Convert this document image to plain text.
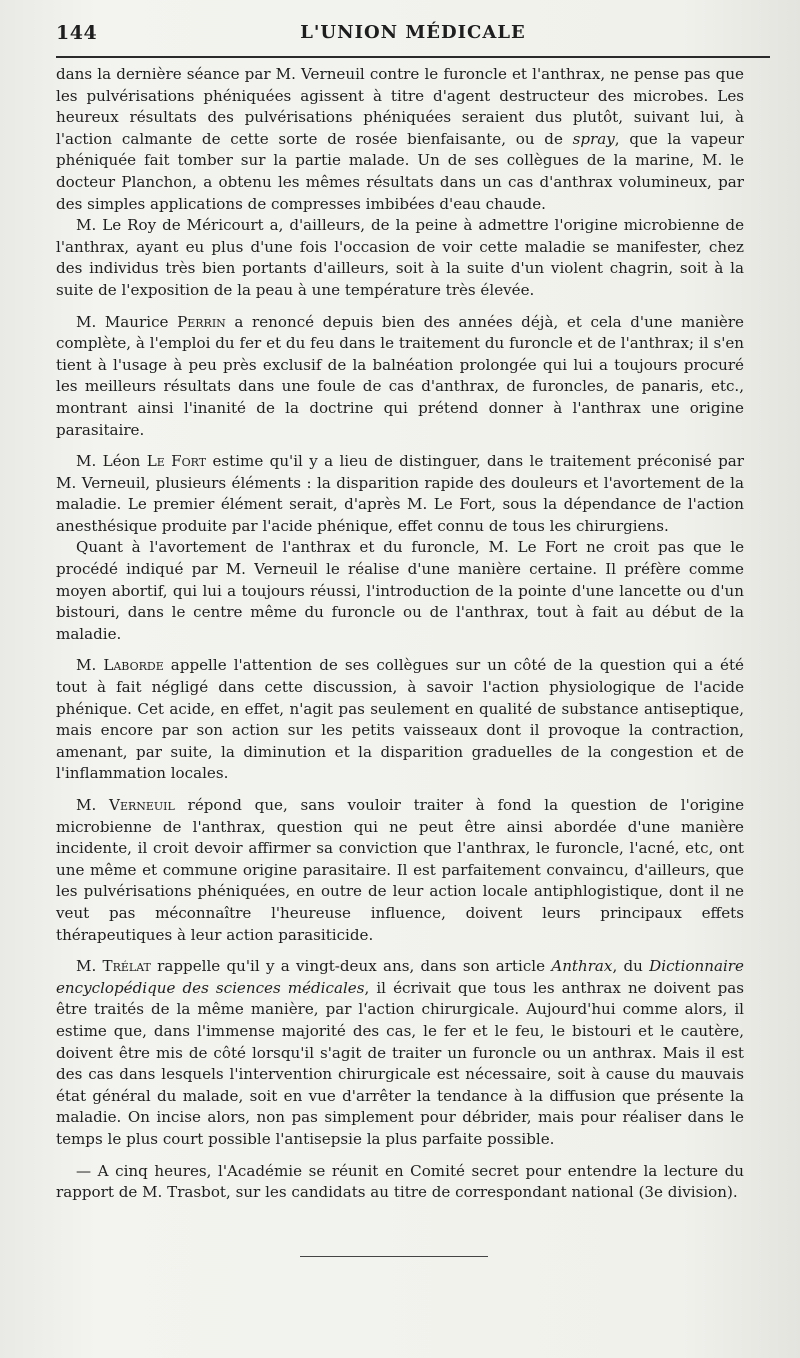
144	L'UNION MÉDICALE

dans la dernière séance par M. Verneuil contre le furoncle et l'anthrax, ne pense pas que les pulvérisations phéniquées agissent à titre d'agent destructeur des microbes. Les heureux résultats des pulvérisations phéniquées seraient dus plutôt, suivant lui, à l'action calmante de cette sorte de rosée bienfaisante, ou de spray, que la vapeur phéniquée fait tomber sur la partie malade. Un de ses collègues de la marine, M. le docteur Planchon, a obtenu les mêmes résultats dans un cas d'anthrax volumineux, par des simples applications de compresses imbibées d'eau chaude.

M. Le Roy de Méricourt a, d'ailleurs, de la peine à admettre l'origine microbienne de l'anthrax, ayant eu plus d'une fois l'occasion de voir cette maladie se manifester, chez des individus très bien portants d'ailleurs, soit à la suite d'un violent chagrin, soit à la suite de l'exposition de la peau à une température très élevée.

M. Maurice Perrin a renoncé depuis bien des années déjà, et cela d'une manière complète, à l'emploi du fer et du feu dans le traitement du furoncle et de l'anthrax; il s'en tient à l'usage à peu près exclusif de la balnéation prolongée qui lui a toujours procuré les meilleurs résultats dans une foule de cas d'anthrax, de furoncles, de panaris, etc., montrant ainsi l'inanité de la doctrine qui prétend donner à l'anthrax une origine parasitaire.

M. Léon Le Fort estime qu'il y a lieu de distinguer, dans le traitement préconisé par M. Verneuil, plusieurs éléments : la disparition rapide des douleurs et l'avortement de la maladie. Le premier élément serait, d'après M. Le Fort, sous la dépendance de l'action anesthésique produite par l'acide phénique, effet connu de tous les chirurgiens.

Quant à l'avortement de l'anthrax et du furoncle, M. Le Fort ne croit pas que le procédé indiqué par M. Verneuil le réalise d'une manière certaine. Il préfère comme moyen abortif, qui lui a toujours réussi, l'introduction de la pointe d'une lancette ou d'un bistouri, dans le centre même du furoncle ou de l'anthrax, tout à fait au début de la maladie.

M. Laborde appelle l'attention de ses collègues sur un côté de la question qui a été tout à fait négligé dans cette discussion, à savoir l'action physiologique de l'acide phénique. Cet acide, en effet, n'agit pas seulement en qualité de substance antiseptique, mais encore par son action sur les petits vaisseaux dont il provoque la contraction, amenant, par suite, la diminution et la disparition graduelles de la congestion et de l'inflammation locales.

M. Verneuil répond que, sans vouloir traiter à fond la question de l'origine microbienne de l'anthrax, question qui ne peut être ainsi abordée d'une manière incidente, il croit devoir affirmer sa conviction que l'anthrax, le furoncle, l'acné, etc, ont une même et commune origine parasitaire. Il est parfaitement convaincu, d'ailleurs, que les pulvérisations phéniquées, en outre de leur action locale antiphlogistique, dont il ne veut pas méconnaître l'heureuse influence, doivent leurs principaux effets thérapeutiques à leur action parasiticide.

M. Trélat rappelle qu'il y a vingt-deux ans, dans son article Anthrax, du Dictionnaire encyclopédique des sciences médicales, il écrivait que tous les anthrax ne doivent pas être traités de la même manière, par l'action chirurgicale. Aujourd'hui comme alors, il estime que, dans l'immense majorité des cas, le fer et le feu, le bistouri et le cautère, doivent être mis de côté lorsqu'il s'agit de traiter un furoncle ou un anthrax. Mais il est des cas dans lesquels l'intervention chirurgicale est nécessaire, soit à cause du mauvais état général du malade, soit en vue d'arrêter la tendance à la diffusion que présente la maladie. On incise alors, non pas simplement pour débrider, mais pour réaliser dans le temps le plus court possible l'antisepsie la plus parfaite possible.

— A cinq heures, l'Académie se réunit en Comité secret pour entendre la lecture du rapport de M. Trasbot, sur les candidats au titre de correspondant national (3e division).
